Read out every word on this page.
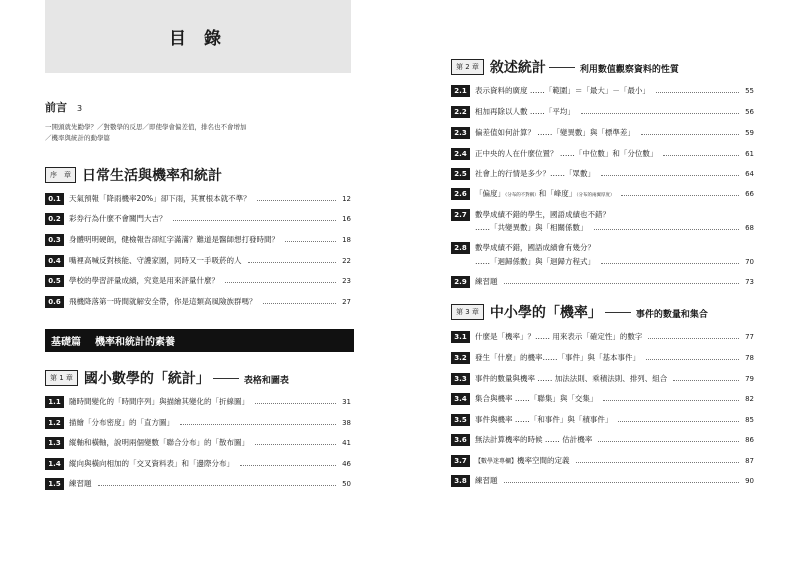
目 錄
前言 3
一開頭就先勸學？／對數學的反思／即使學會偏差值，排名也不會增加
／機率與統計的動學篇
序　章 日常生活與機率和統計
0.1	天氣預報「降雨機率20%」卻下雨，其實根本就不準？	12
0.2	彩券行為什麼不會關門大吉？	16
0.3	身體明明硬朗，健檢報告卻紅字滿滿？難道是醫師想打發時間？	18
0.4	嘴裡高喊反對核能、守護家園，同時又一手吸菸的人	22
0.5	學校的學習評量成績，究竟是用來評量什麼？	23
0.6	飛機降落第一時間就解安全帶，你是這類高風險族群嗎？	27
基礎篇 機率和統計的素養
第 1 章 國小數學的「統計」	表格和圖表
1.1	隨時間變化的「時間序列」與描繪其變化的「折線圖」	31
1.2	描繪「分布密度」的「直方圖」	38
1.3	縱軸和橫軸，說明兩個變數「聯合分布」的「散布圖」	41
1.4	縱向與橫向相加的「交叉資料表」和「邊際分布」	46
1.5	練習題	50
第 2 章 敘述統計	利用數值觀察資料的性質
2.1	表示資料的廣度 ……「範圍」＝「最大」－「最小」	55
2.2	相加再除以人數 ……「平均」	56
2.3	偏差值如何計算？ ……「變異數」與「標準差」	59
2.4	正中央的人在什麼位置？ ……「中位數」和「分位數」	61
2.5	社會上的行情是多少？……「眾數」	64
2.6	「偏度」（分布的不對稱）和「峰度」（分布的兩翼厚度）	66
2.7	數學成績不錯的學生，國語成績也不錯？
……「共變異數」與「相關係數」	68
2.8	數學成績不錯，國語成績會有幾分？
……「迴歸係數」與「迴歸方程式」	70
2.9	練習題	73
第 3 章 中小學的「機率」	事件的數量和集合
3.1	什麼是「機率」？…… 用來表示「確定性」的數字	77
3.2	發生「什麼」的機率……「事件」與「基本事件」	78
3.3	事件的數量與機率 …… 加法法則、乘積法則、排列、組合	79
3.4	集合與機率 ……「聯集」與「交集」	82
3.5	事件與機率 ……「和事件」與「積事件」	85
3.6	無法計算機率的時候 …… 估計機率	86
3.7	【數學迷專欄】機率空間的定義	87
3.8	練習題	90
